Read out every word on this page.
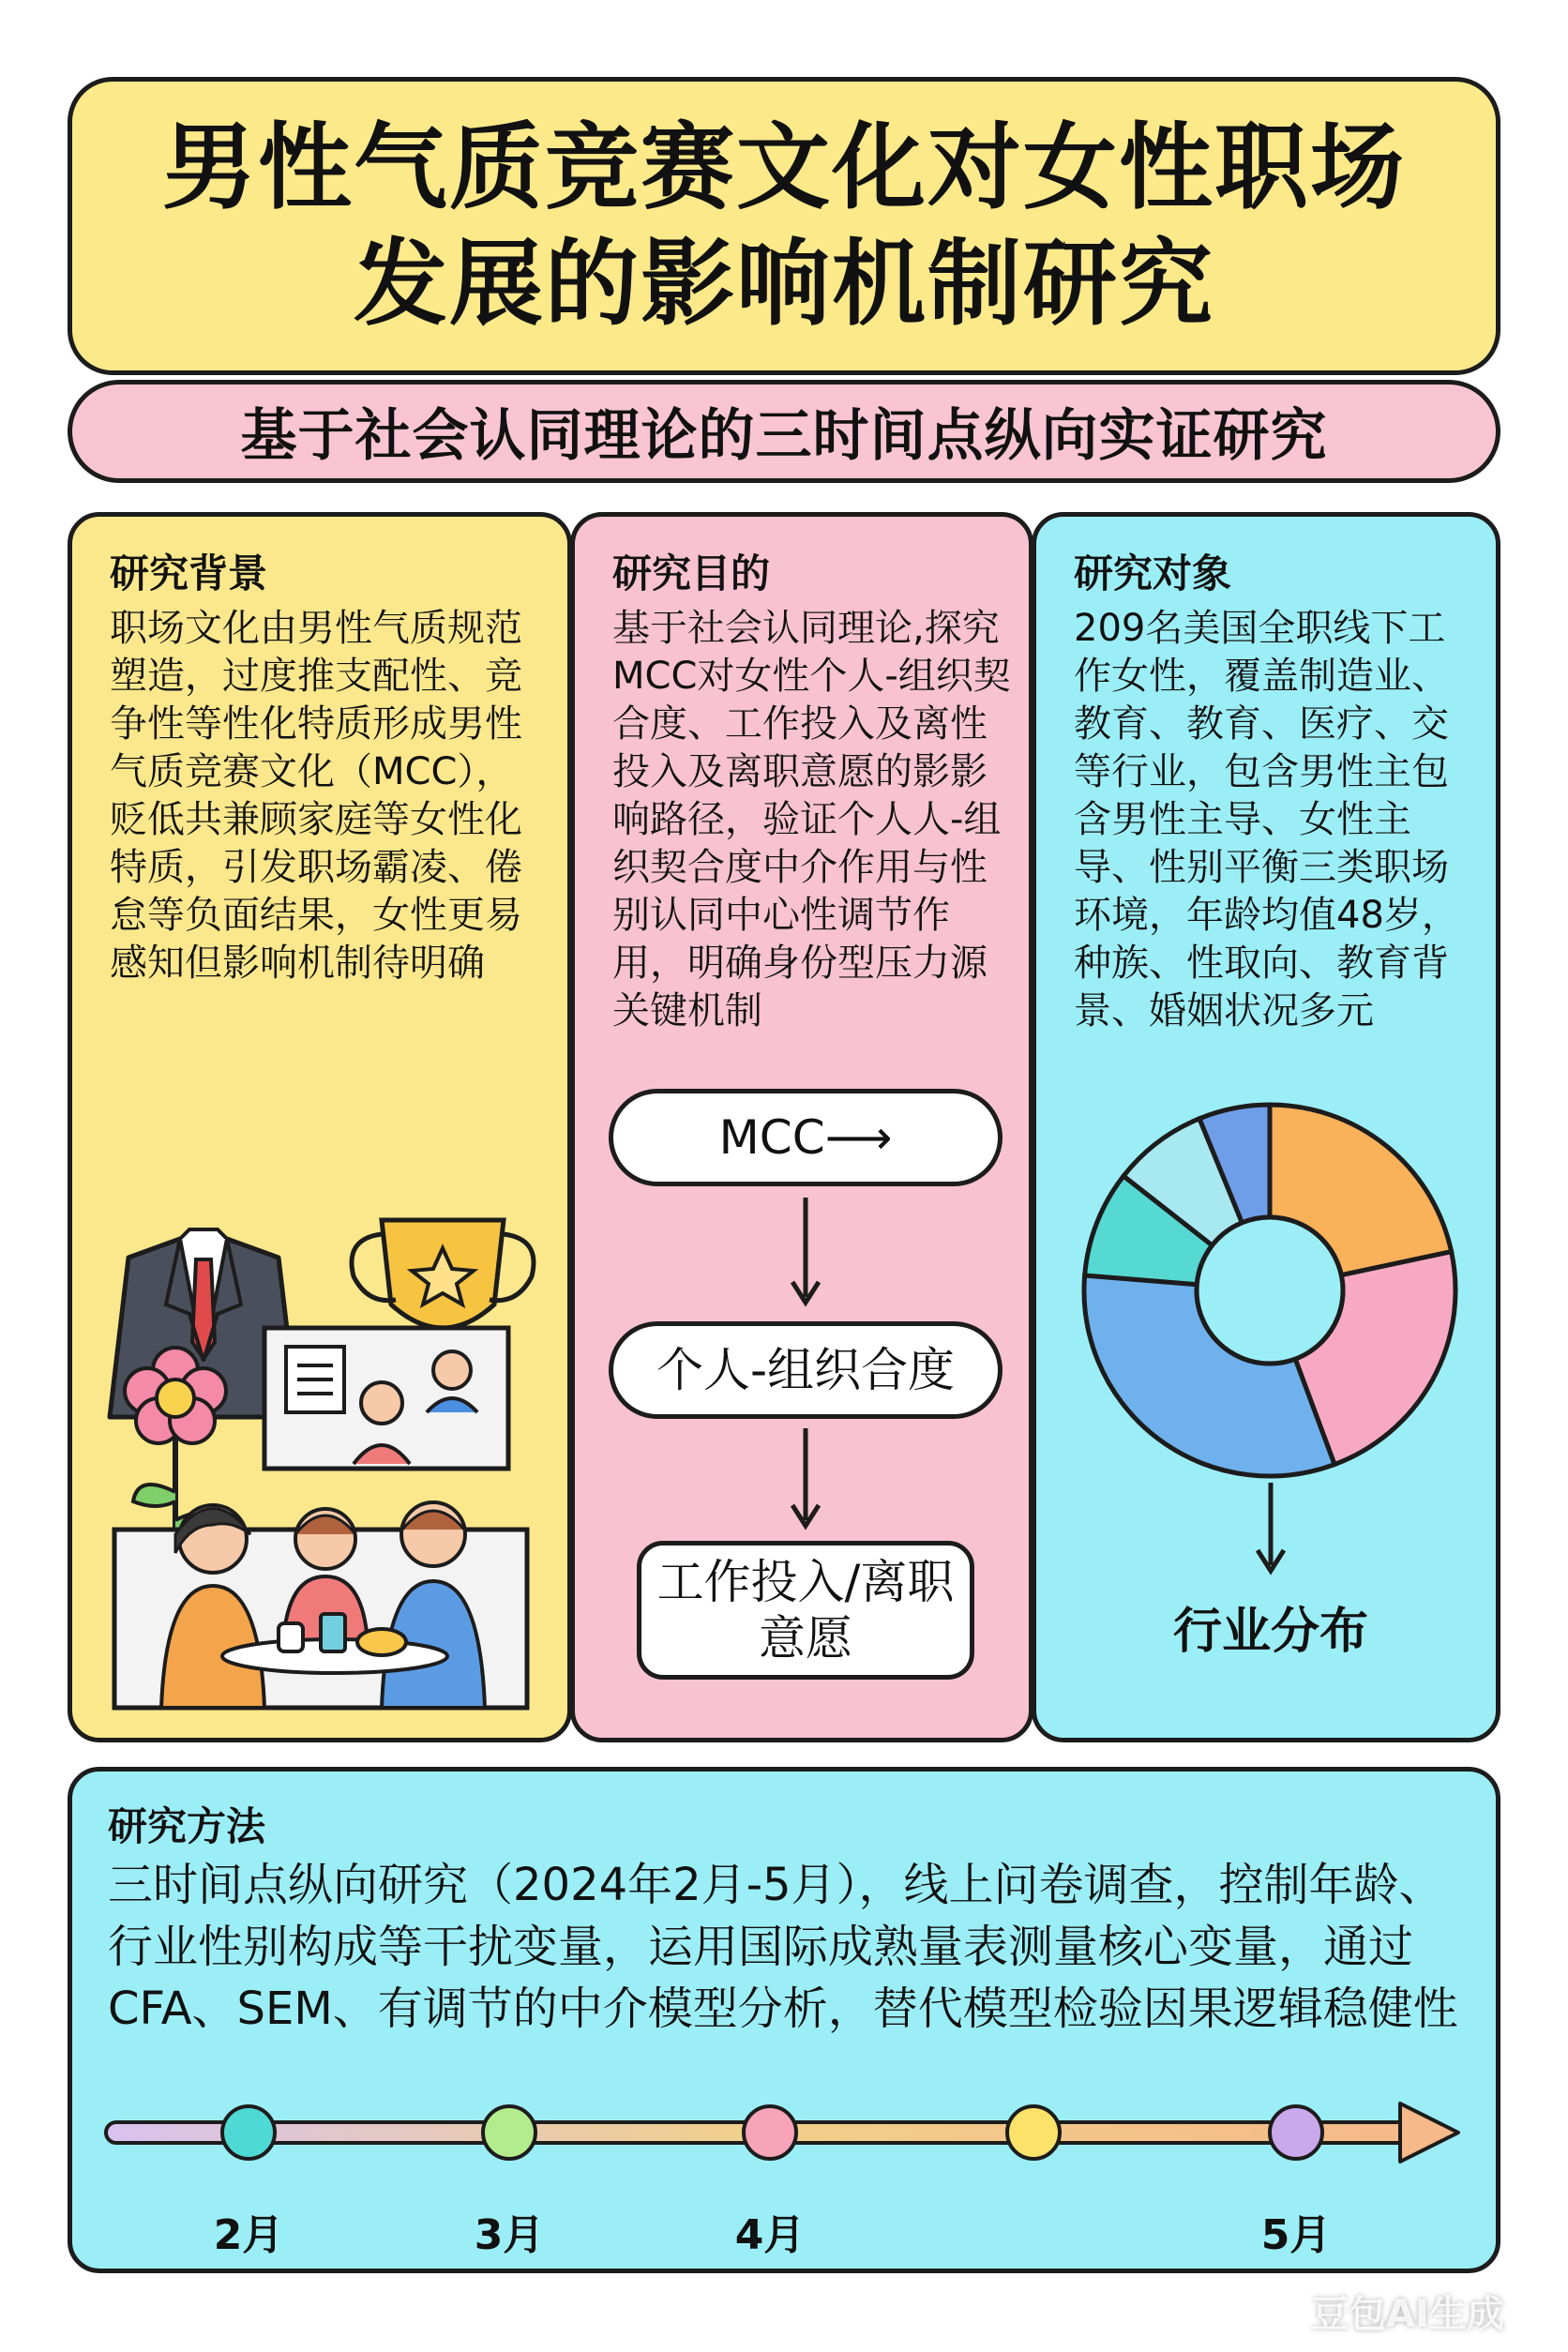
男性气质竞赛文化对女性职场发展的影响机制研究
基于社会认同理论的三时间点纵向实证研究
研究背景
职场文化由男性气质规范塑造，过度推支配性、竞争性等性化特质形成男性气质竞赛文化（MCC），贬低共兼顾家庭等女性化特质，引发职场霸凌、倦怠等负面结果，女性更易感知但影响机制待明确
研究目的
基于社会认同理论,探究MCC对女性个人-组织契合度、工作投入及离性投入及离职意愿的影影响路径，验证个人人-组织契合度中介作用与性别认同中心性调节作用，明确身份型压力源关键机制
MCC⟶
个人-组织合度
工作投入/离职意愿
研究对象
209名美国全职线下工作女性，覆盖制造业、教育、教育、医疗、交等行业，包含男性主包含男性主导、女性主导、性别平衡三类职场环境，年龄均值48岁，种族、性取向、教育背景、婚姻状况多元
行业分布
研究方法
三时间点纵向研究（2024年2月-5月），线上问卷调查，控制年龄、行业性别构成等干扰变量，运用国际成熟量表测量核心变量，通过CFA、SEM、有调节的中介模型分析，替代模型检验因果逻辑稳健性
2月	3月	4月	5月
豆包AI生成
